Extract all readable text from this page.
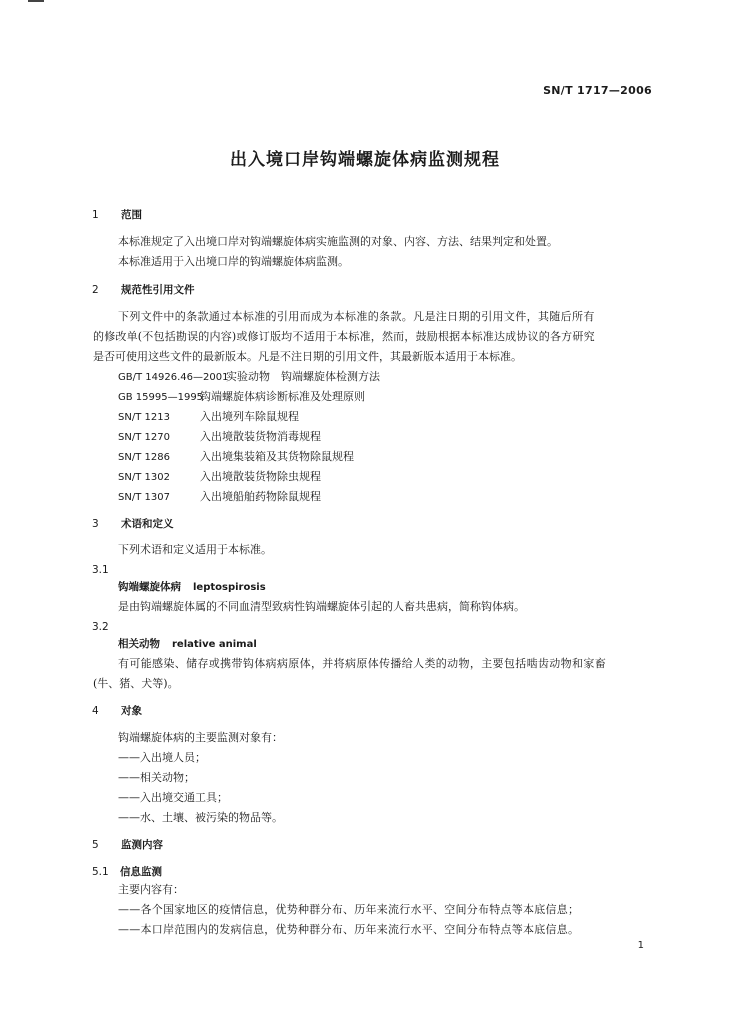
SN/T 1717—2006
出入境口岸钩端螺旋体病监测规程
1 范围
本标准规定了入出境口岸对钩端螺旋体病实施监测的对象、内容、方法、结果判定和处置。
本标准适用于入出境口岸的钩端螺旋体病监测。
2 规范性引用文件
下列文件中的条款通过本标准的引用而成为本标准的条款。凡是注日期的引用文件，其随后所有
的修改单(不包括勘误的内容)或修订版均不适用于本标准，然而，鼓励根据本标准达成协议的各方研究
是否可使用这些文件的最新版本。凡是不注日期的引用文件，其最新版本适用于本标准。
GB/T 14926.46—2001实验动物　钩端螺旋体检测方法
GB 15995—1995钩端螺旋体病诊断标准及处理原则
SN/T 1213	入出境列车除鼠规程
SN/T 1270	入出境散装货物消毒规程
SN/T 1286	入出境集装箱及其货物除鼠规程
SN/T 1302	入出境散装货物除虫规程
SN/T 1307	入出境船舶药物除鼠规程
3 术语和定义
下列术语和定义适用于本标准。
3.1
钩端螺旋体病 leptospirosis
是由钩端螺旋体属的不同血清型致病性钩端螺旋体引起的人畜共患病，简称钩体病。
3.2
相关动物 relative animal
有可能感染、储存或携带钩体病病原体，并将病原体传播给人类的动物，主要包括啮齿动物和家畜
(牛、猪、犬等)。
4 对象
钩端螺旋体病的主要监测对象有：
——入出境人员；
——相关动物；
——入出境交通工具；
——水、土壤、被污染的物品等。
5 监测内容
5.1 信息监测
主要内容有：
——各个国家地区的疫情信息，优势种群分布、历年来流行水平、空间分布特点等本底信息；
——本口岸范围内的发病信息，优势种群分布、历年来流行水平、空间分布特点等本底信息。
1
